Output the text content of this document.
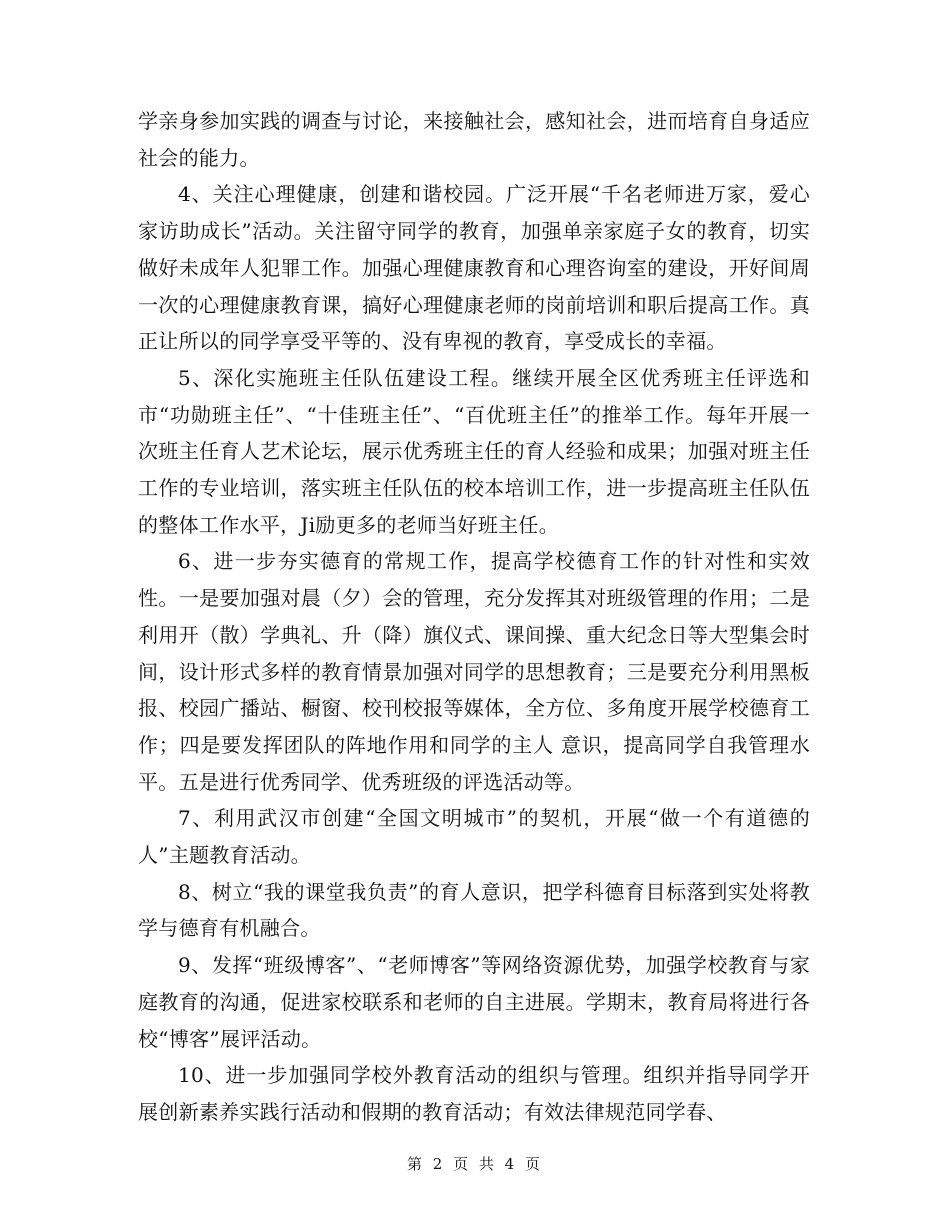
学亲身参加实践的调查与讨论，来接触社会，感知社会，进而培育自身适应社会的能力。

4、关注心理健康，创建和谐校园。广泛开展“千名老师进万家，爱心家访助成长”活动。关注留守同学的教育，加强单亲家庭子女的教育，切实做好未成年人犯罪工作。加强心理健康教育和心理咨询室的建设，开好间周一次的心理健康教育课，搞好心理健康老师的岗前培训和职后提高工作。真正让所以的同学享受平等的、没有卑视的教育，享受成长的幸福。

5、深化实施班主任队伍建设工程。继续开展全区优秀班主任评选和市“功勋班主任”、“十佳班主任”、“百优班主任”的推举工作。每年开展一次班主任育人艺术论坛，展示优秀班主任的育人经验和成果；加强对班主任工作的专业培训，落实班主任队伍的校本培训工作，进一步提高班主任队伍的整体工作水平，Ji励更多的老师当好班主任。

6、进一步夯实德育的常规工作，提高学校德育工作的针对性和实效性。一是要加强对晨（夕）会的管理，充分发挥其对班级管理的作用；二是利用开（散）学典礼、升（降）旗仪式、课间操、重大纪念日等大型集会时间，设计形式多样的教育情景加强对同学的思想教育；三是要充分利用黑板报、校园广播站、橱窗、校刊校报等媒体，全方位、多角度开展学校德育工作；四是要发挥团队的阵地作用和同学的主人 意识，提高同学自我管理水平。五是进行优秀同学、优秀班级的评选活动等。

7、利用武汉市创建“全国文明城市”的契机，开展“做一个有道德的人”主题教育活动。

8、树立“我的课堂我负责”的育人意识，把学科德育目标落到实处将教学与德育有机融合。

9、发挥“班级博客”、“老师博客”等网络资源优势，加强学校教育与家庭教育的沟通，促进家校联系和老师的自主进展。学期末，教育局将进行各校“博客”展评活动。

10、进一步加强同学校外教育活动的组织与管理。组织并指导同学开展创新素养实践行活动和假期的教育活动；有效法律规范同学春、

第 2 页 共 4 页
